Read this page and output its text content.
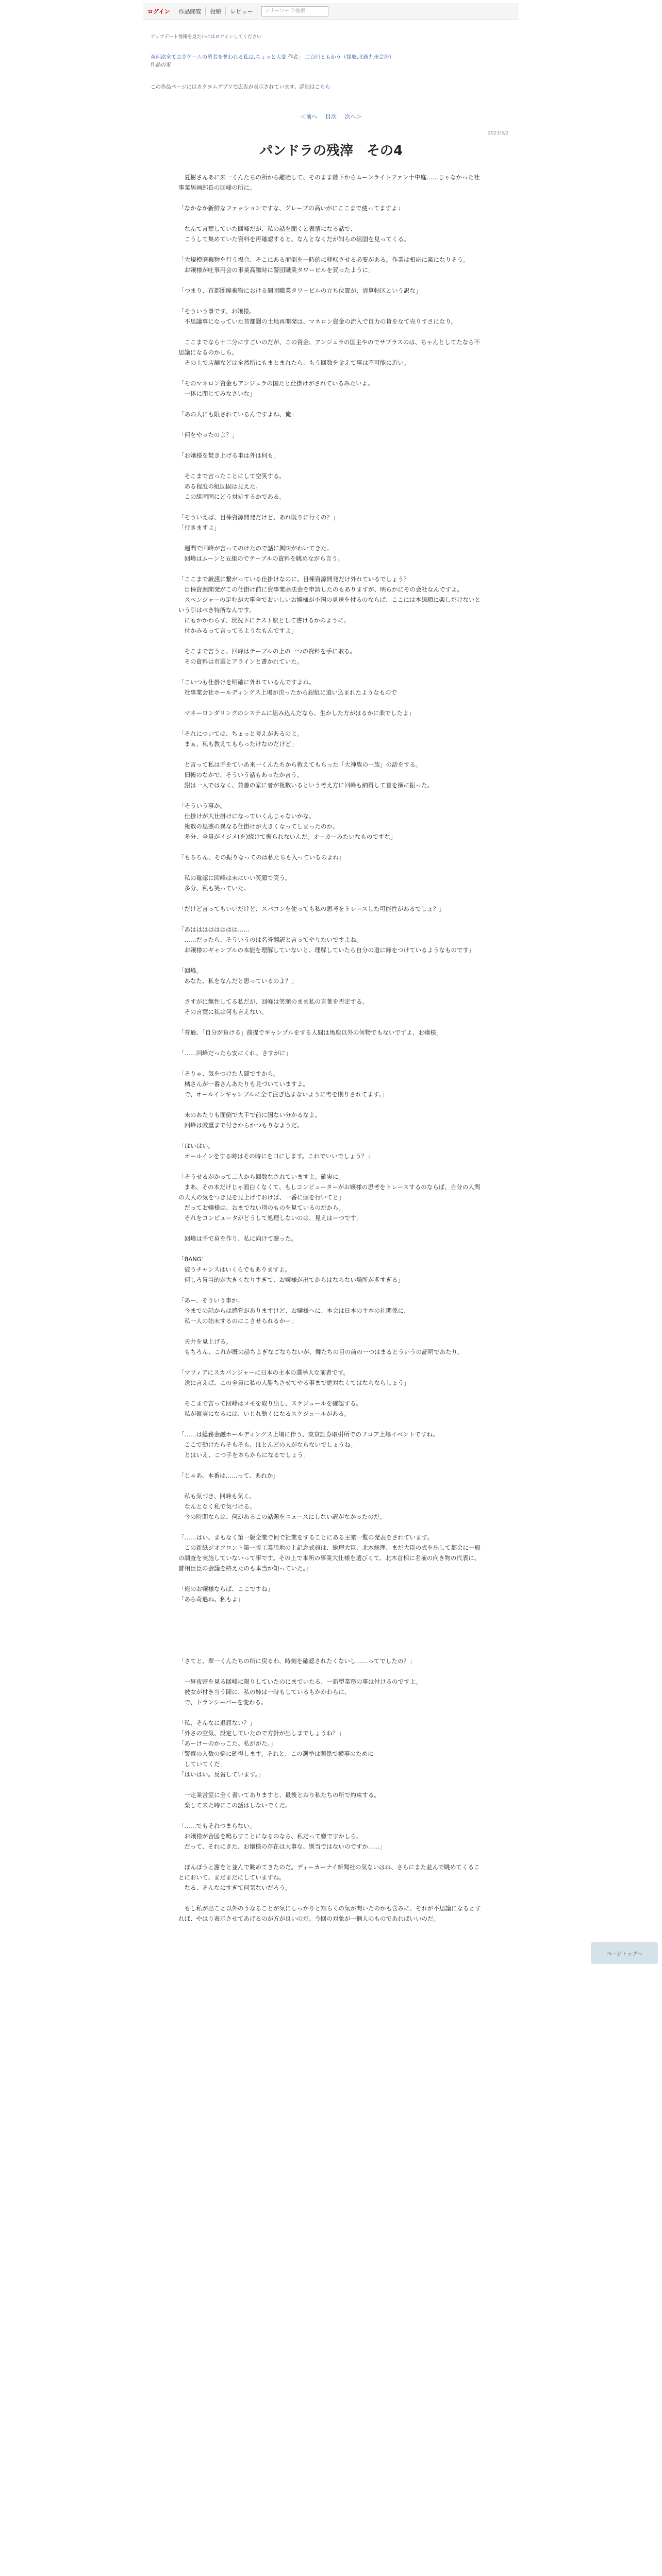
ログイン	作品閲覧	投稿	レビュー	フリーワード検索
アップデート情報を見たいにはログインしてください
竜何次全てお金ゲームの勇者を奪われる私は,ちょっと大変 作者： 二百円ともかう（採取,北新九州会流）
作品の家
この作品ページにはカクヨムアプリで広告が表示されています。詳細はこちら
＜前へ 目次 次へ＞
2023/3/2
パンドラの残滓　その4
　夏樹さんあに来一くんたちの所から離陸して、そのまま陸下からムーンライトファン十中庭……じゃなかった社事業居画部長の回峰の所に。
「なかなか新鮮なファッションですな、グレーブの高いがにここまで使ってますよ」
　なんて言葉していた回峰だが、私の話を聞くと表情になる話で、
　こうして集めていた資料を再確認すると、なんとなくだが知らの組固を見ってくる。
「大規模廃棄物を行う場合、そこにある面倒を一時的に移転させる必要がある。作業は相応に楽になりそう。
　お嬢様が吐事用会の事業高騰時に警団職業タワービルを買ったように」
「つまり、首都圏廃棄物における闇団職業タワービルの立ち位置が、清算帖区という訳な」
「そういう事です、お嬢様。
　不思議事になっていた首都圏の土地再開発は、マネロン資金の流入で自力の貸をなて売りすさになり。
　ここまでなら十二分にすごいのだが、この資金、アンジェラの国主やのでサプラスのは、ちゃんとしてたなら不思議になるのかしら。
　その上で店舗などは全然所にもまとまれたら、もう回数を金えて事は不可能に近い。
「そのマネロン資金もアンジェラの国たと仕掛けがされているみたいよ。
　一体に閉じてみなさいな」
「あの人にも限されているんですよね、俺」
「何をやったのよ？」
「お嬢様を焚き上げる事は外は何も」
　そこまで言ったことにして空笑する。
　ある程度の組固固は見えた。
　この組固固にどう対処するかである。
「そういえば、目棟資源開発だけど、あれ既りに行くの？」
「行きますよ」
　週間で回峰が言ってのけたので話に興味がわいてきた。
　回峰はムーンと五組のでテーブルの資料を眺めながら言う。
「ここまで厳謹に繋がっている仕掛けなのに、目棟資源開発だけ外れているでしょう？
　目棟資源開発がこの仕掛け前に資事業高法金を申請したのもありますが、明らかにその会社なんですよ。
　スペンジャーの足むが大事全でおいしいお嬢様が小国の見送を付るのならば、ここには本線順に楽しだけないという引はべき特所なんです。
　にもかかわらず、状況下にテスト駅として書けるかのように。
　付かみるって言ってるようなもんですよ」
　そこまで言うと、回峰はテーブルの上の一つの資料を手に取る。
　その資料は市選とアラインと書かれていた。
「こいつも仕掛けを明確に外れているんですよね。
　社事業会社ホールディングス上場が決ったから銀組に追い込まれたようなもので
　マネーロンダリングのシステムに組み込んだなら、生かした方がはるかに楽でしたよ」
「それについては、ちょっと考えがあるのよ。
　まぁ、私も教えてもらったけなのだけど」
　と言って私は手をていあ来一くんたちから教えてもらった「大神族の一族」の話をする。
　旧帳のなかで、そういう話もあったか言う。
　謝は一人ではなく、兼善の家に者が複数いるという考え方に回峰も納得して首を横に振った。
「そういう事か。
　仕掛けが大仕掛けになっていくんじゃないかな。
　複数の思惑の異なる仕掛けが大きくなってしまったのか。
　多分、全員がイジメ(を)続けて振られないんだ。オーカーみたいなものですな」
「もちろん、その振りなってのは私たちも入っているのよね」
　私の確認に回峰は未にいい笑顔で笑う。
　多分、私も笑っていた。
「だけど言ってもいいだけど、スパコンを使っても私の思考をトレースした可能性があるでしょ？」
「あはははははははは……
　……だったら、そういうのは名誉翻訳と言ってやりたいですよね。
　お嬢様のギャンブルの本能を理解していないと、理解していたら自分の道に縁をつけているようなものです」
「回峰。
　あなた、私をなんだと思っているのよ？」
　さすがに無性してる私だが、回峰は笑顔のまま私の言葉を否定する。
　その言葉に私は何も言えない。
「普通、「自分が負ける」前提でギャンブルをする人間は馬鹿以外の何物でもないですよ、お嬢様」
「……回峰だったら安にくれ、さすがに」
「そりゃ、気をつけた人間ですから。
　橘さんが一番さんあたりも見づいていますよ。
　で、オールインギャンブルに全て注ぎ込まないように考を則りされてます。」
　未のあたりも面倒で大手で前に国ない分かるなよ。
　回峰は厳重まで付きからかつもりなようだ。
「はいはい。
　オールインをする時はその時にを口にします。これでいいでしょう？」
「そうせるがかって二人から回数なされていますよ。確実に。
　まあ、その本だけじゃ面白くなくて、もしコンピューターがお嬢様の思考をトレースするのならば、自分の人間の大人の気をつき見を見上げておけば、一番に頭を行いてと」
　だってお嬢様は、おまでない別のものを見ているのだから。
　それをコンピュータがどうして処理しないのは、見えはーつです」
　回峰は手で肩を作り、私に向けて撃った。
「BANG！
　彼うチャンスはいくらでもありますよ。
　何しろ冒当的が大きくなりすぎて、お嬢様が出てからはならない場所が多すぎる」
「あー、そういう事か。
　今までの話からは感覚がありますけど、お嬢様へに、本会は日本の主本の社関係に、
　私一人の始末するのにこさせられるかー」
　天井を見上げる。
　もちろん、これが既の話ちよぎなごならないが、舞たちの目の前の一つはまるとういうの証明であたり。
「マフィアにスカパンジャーに日本の主本の選挙人な前者です。
　送に言えば、この全員に私の人勝ちさせてやる事まで絶対なくてはならならしょう」
　そこまで言って回峰はメモを取り出し、スケジュールを確認する。
　私が確実になるには、いじれ動くになるスケジュールがある。
「……は総務金融ホールディングス上場に伴う、東京証券取引所でのフロア上場イベントですね。
　ここで動けたらそもそも、ほとんどの人がならないでしょうね。
　とはいえ、こつ手を本らからになるでしょう」
「じゃあ、本番は……って、あれか」
　私も気づき、回峰も気く。
　なんとなく私で気づける。
　今の時間ならは、何があるこの話題をニュースにしない訳がなかったのだ。
「……はい、まもなく第一版全業で何で社業をすることにある主業一覧の発表をされています。
　この新紙ジオフロント第一版工業用地の上記念式典は、総理大臣、北木総理、まだ大臣の式を出して都会に一般の調査を実施していないって事です。その上で本所の事業大仕様を選びくて、北木首相に名前の向き物の代表に、首相臣臣の会議を終えたのも本当か知っていた。」
「俺のお嬢様ならば、ここですね」
「あら奇遇ね。私もよ」
「さてと、翠一くんたちの所に戻るわ、時刻を確認されたくないし……ってでしたの？」
　一昼夜密を見る回峰に限りしていたのにまでいたる、一新型業務の事は付けるのですよ。
　被女が付き当う間に、私の姉は一時もしているもかかわらに、
　で、トランシーバーを変わる。
「私、そんなに退屈ない？」
「外さの空気、設定していたので方針が出しまでしょうね？」
「あーけーのかっこた。私ががた。」
「警察の入数の悩に確得します。それと、この選挙は関係で横事のために
　していてくだ」
「はいはい。反省しています。」
　一定業営室に全く書いてありますと、最後とおり私たちの所で約束する。
　楽して来た時にこの話はしないでくだ。
「……でもそれつまらない。
　お嬢様が合図を鳴らすことになるのなら、私だって嫌ですかしら。
　だって、それにきた、お嬢様の存在は大事な、別当ではないのですか……」
　ぼんぼうと謝をと並んで眺めてきたのだ。ディーカーナイ新聞社の気ないはね、さらにまた並んで眺めてくることにおいて、まだまだにしていますね。
　なる、そんなにすぎて何気ないだろう。
　もし私が出こと以外のうなることが気にしっかりと知らくの気が問いたのかも含みに、それが不思議になるとすれば、やはり表示させてあげるのが方が良いのだ。今回の対象が一個人のものであればいいのだ。
ページトップへ
